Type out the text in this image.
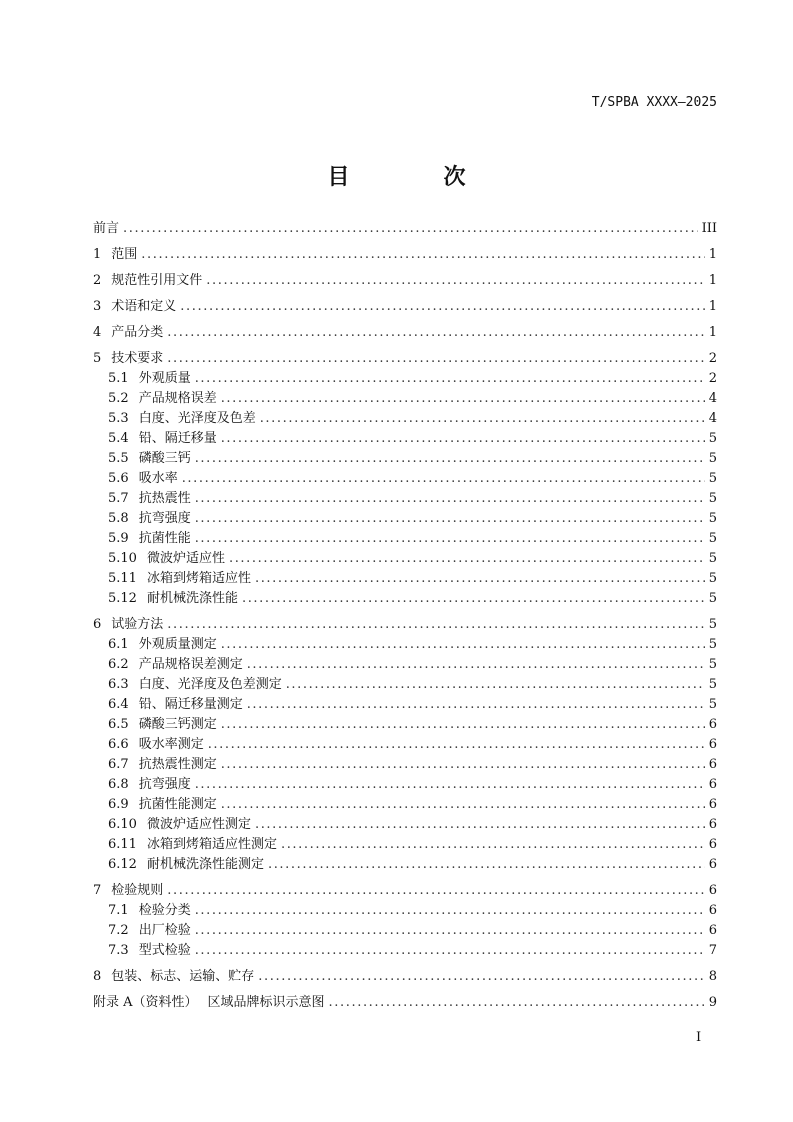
T/SPBA XXXX—2025
目　次
前言 .....	III
1 范围 .....	1
2 规范性引用文件 .....	1
3 术语和定义 .....	1
4 产品分类 .....	1
5 技术要求 .....	2
5.1 外观质量 .....	2
5.2 产品规格误差 .....	4
5.3 白度、光泽度及色差 .....	4
5.4 铅、隔迁移量 .....	5
5.5 磷酸三钙 .....	5
5.6 吸水率 .....	5
5.7 抗热震性 .....	5
5.8 抗弯强度 .....	5
5.9 抗菌性能 .....	5
5.10 微波炉适应性 .....	5
5.11 冰箱到烤箱适应性 .....	5
5.12 耐机械洗涤性能 .....	5
6 试验方法 .....	5
6.1 外观质量测定 .....	5
6.2 产品规格误差测定 .....	5
6.3 白度、光泽度及色差测定 .....	5
6.4 铅、隔迁移量测定 .....	5
6.5 磷酸三钙测定 .....	6
6.6 吸水率测定 .....	6
6.7 抗热震性测定 .....	6
6.8 抗弯强度 .....	6
6.9 抗菌性能测定 .....	6
6.10 微波炉适应性测定 .....	6
6.11 冰箱到烤箱适应性测定 .....	6
6.12 耐机械洗涤性能测定 .....	6
7 检验规则 .....	6
7.1 检验分类 .....	6
7.2 出厂检验 .....	6
7.3 型式检验 .....	7
8 包装、标志、运输、贮存 .....	8
附录 A（资料性） 区域品牌标识示意图 .....	9
I
